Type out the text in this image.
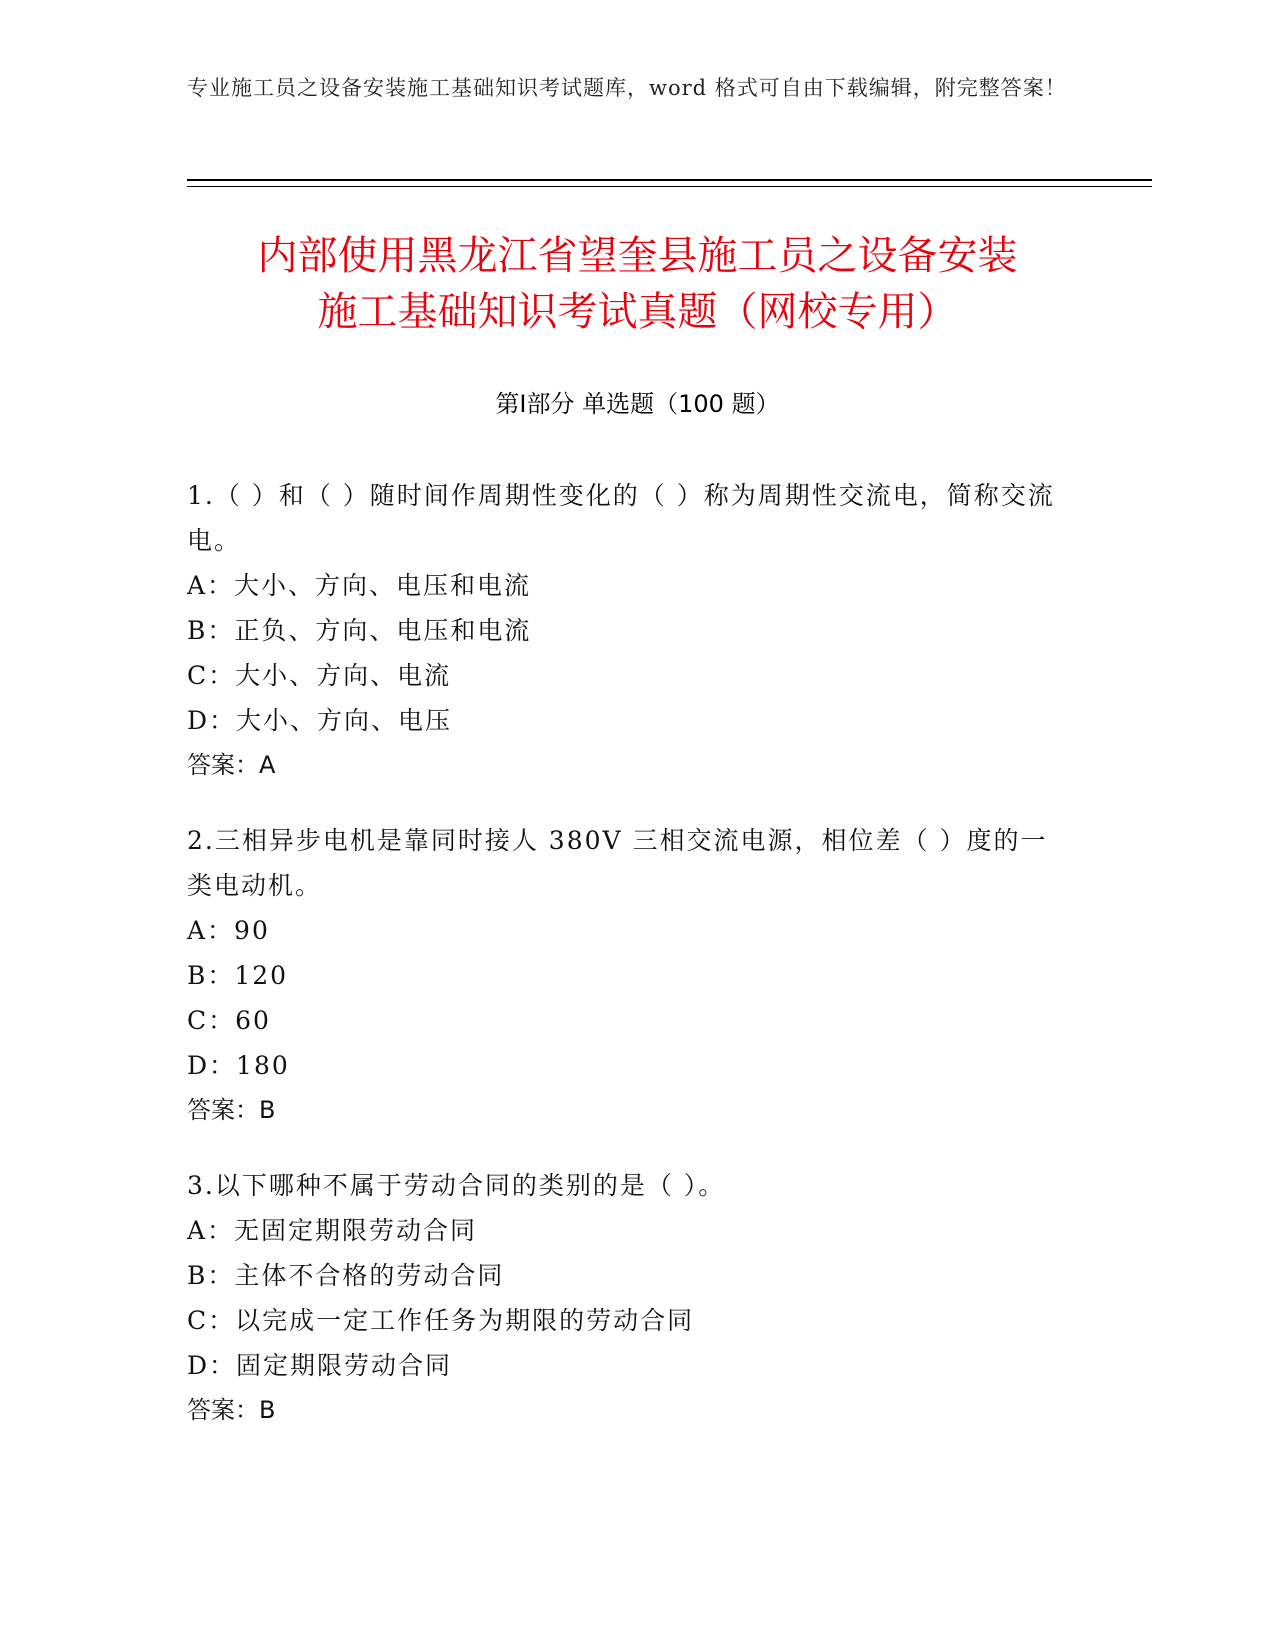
专业施工员之设备安装施工基础知识考试题库，word 格式可自由下载编辑，附完整答案！
内部使用黑龙江省望奎县施工员之设备安装
施工基础知识考试真题（网校专用）
第Ⅰ部分 单选题（100 题）
1.（ ）和（ ）随时间作周期性变化的（ ）称为周期性交流电，简称交流电。
A：大小、方向、电压和电流
B：正负、方向、电压和电流
C：大小、方向、电流
D：大小、方向、电压
答案：A
2.三相异步电机是靠同时接人 380V 三相交流电源，相位差（ ）度的一类电动机。
A：90
B：120
C：60
D：180
答案：B
3.以下哪种不属于劳动合同的类别的是（ ）。
A：无固定期限劳动合同
B：主体不合格的劳动合同
C：以完成一定工作任务为期限的劳动合同
D：固定期限劳动合同
答案：B
